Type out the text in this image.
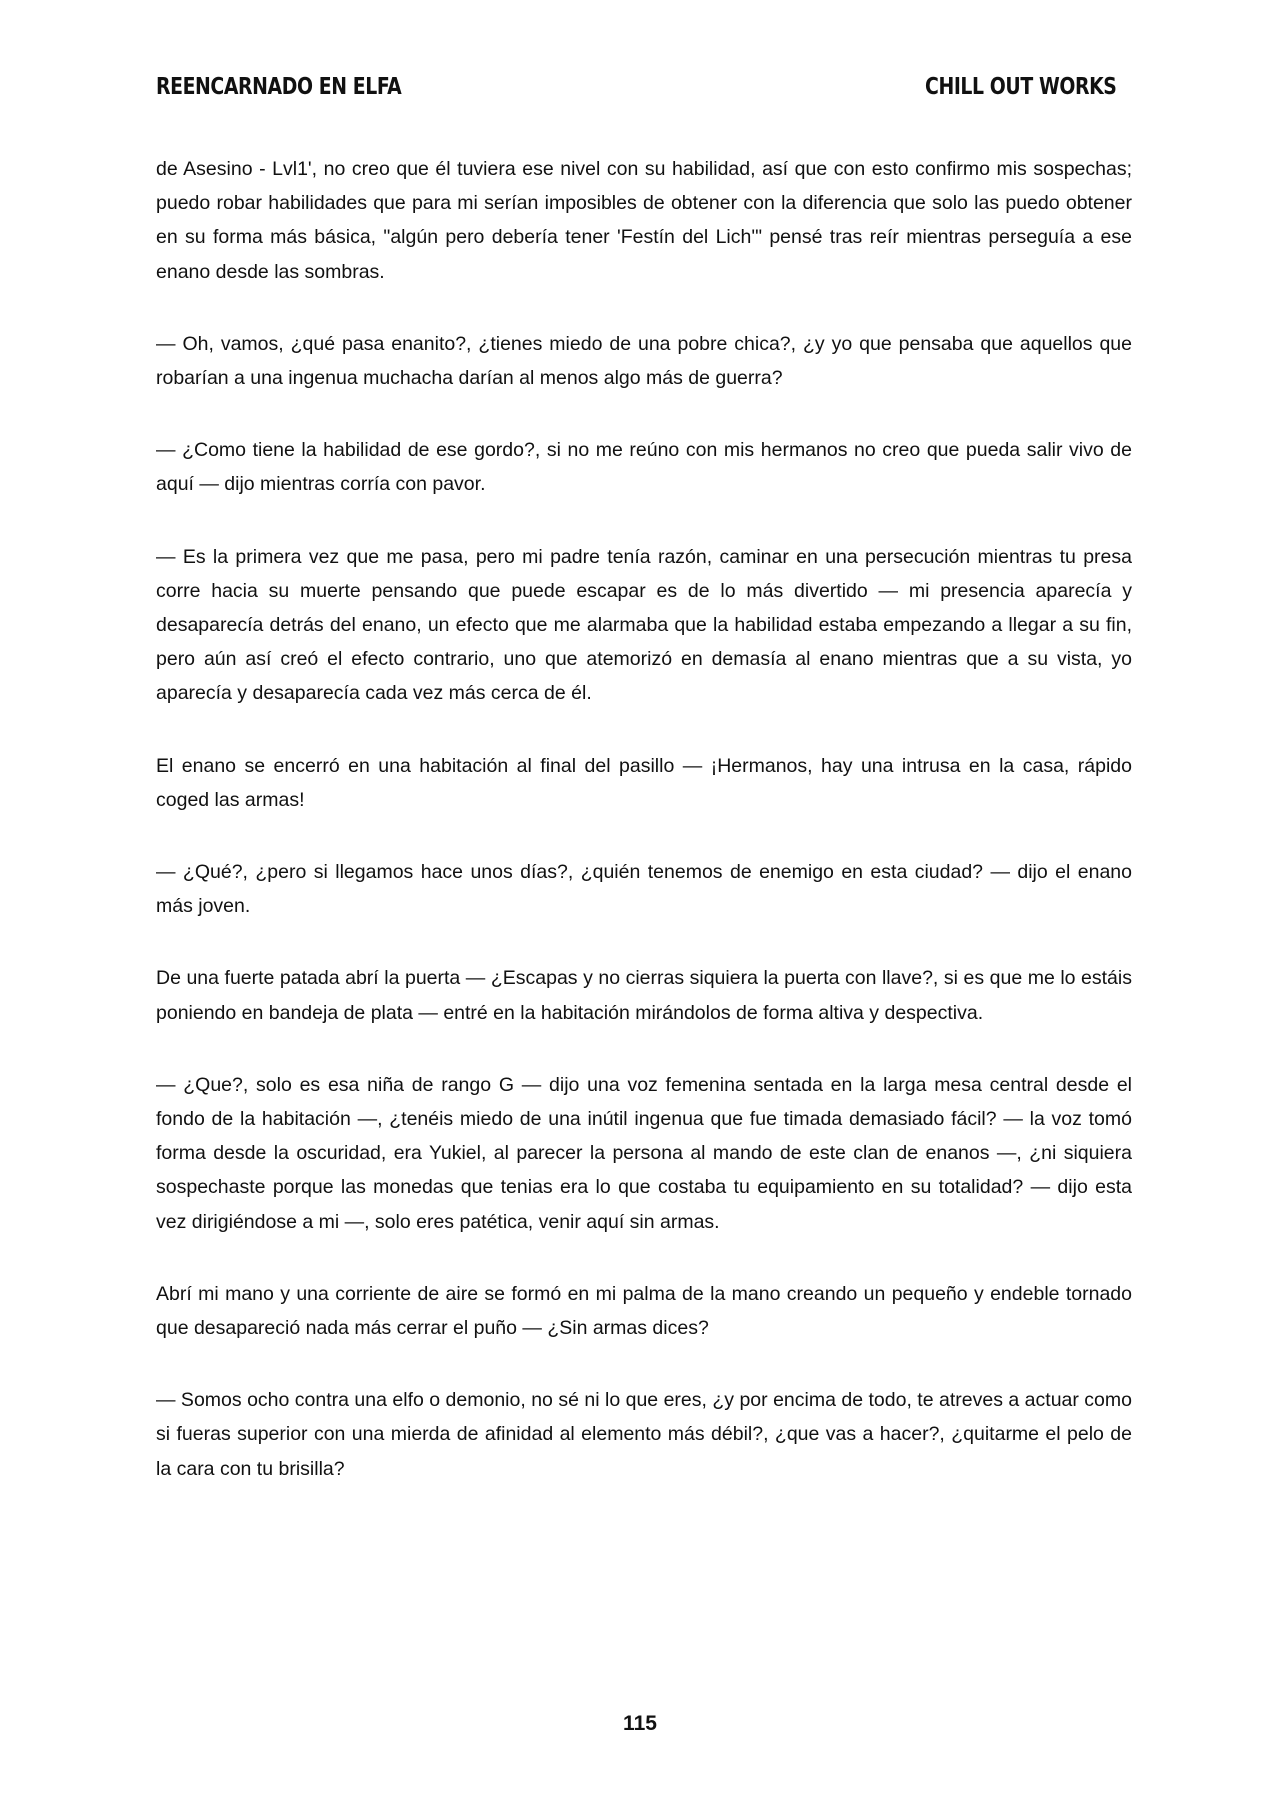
REENCARNADO EN ELFA	CHILL OUT WORKS

de Asesino - Lvl1', no creo que él tuviera ese nivel con su habilidad, así que con esto confirmo mis sospechas; puedo robar habilidades que para mi serían imposibles de obtener con la diferencia que solo las puedo obtener en su forma más básica, "algún pero debería tener 'Festín del Lich'" pensé tras reír mientras perseguía a ese enano desde las sombras.

— Oh, vamos, ¿qué pasa enanito?, ¿tienes miedo de una pobre chica?, ¿y yo que pensaba que aquellos que robarían a una ingenua muchacha darían al menos algo más de guerra?

— ¿Como tiene la habilidad de ese gordo?, si no me reúno con mis hermanos no creo que pueda salir vivo de aquí — dijo mientras corría con pavor.

— Es la primera vez que me pasa, pero mi padre tenía razón, caminar en una persecución mientras tu presa corre hacia su muerte pensando que puede escapar es de lo más divertido — mi presencia aparecía y desaparecía detrás del enano, un efecto que me alarmaba que la habilidad estaba empezando a llegar a su fin, pero aún así creó el efecto contrario, uno que atemorizó en demasía al enano mientras que a su vista, yo aparecía y desaparecía cada vez más cerca de él.

El enano se encerró en una habitación al final del pasillo — ¡Hermanos, hay una intrusa en la casa, rápido coged las armas!

— ¿Qué?, ¿pero si llegamos hace unos días?, ¿quién tenemos de enemigo en esta ciudad? — dijo el enano más joven.

De una fuerte patada abrí la puerta — ¿Escapas y no cierras siquiera la puerta con llave?, si es que me lo estáis poniendo en bandeja de plata — entré en la habitación mirándolos de forma altiva y despectiva.

— ¿Que?, solo es esa niña de rango G — dijo una voz femenina sentada en la larga mesa central desde el fondo de la habitación —, ¿tenéis miedo de una inútil ingenua que fue timada demasiado fácil? — la voz tomó forma desde la oscuridad, era Yukiel, al parecer la persona al mando de este clan de enanos —, ¿ni siquiera sospechaste porque las monedas que tenias era lo que costaba tu equipamiento en su totalidad? — dijo esta vez dirigiéndose a mi —, solo eres patética, venir aquí sin armas.

Abrí mi mano y una corriente de aire se formó en mi palma de la mano creando un pequeño y endeble tornado que desapareció nada más cerrar el puño — ¿Sin armas dices?

— Somos ocho contra una elfo o demonio, no sé ni lo que eres, ¿y por encima de todo, te atreves a actuar como si fueras superior con una mierda de afinidad al elemento más débil?, ¿que vas a hacer?, ¿quitarme el pelo de la cara con tu brisilla?

115
